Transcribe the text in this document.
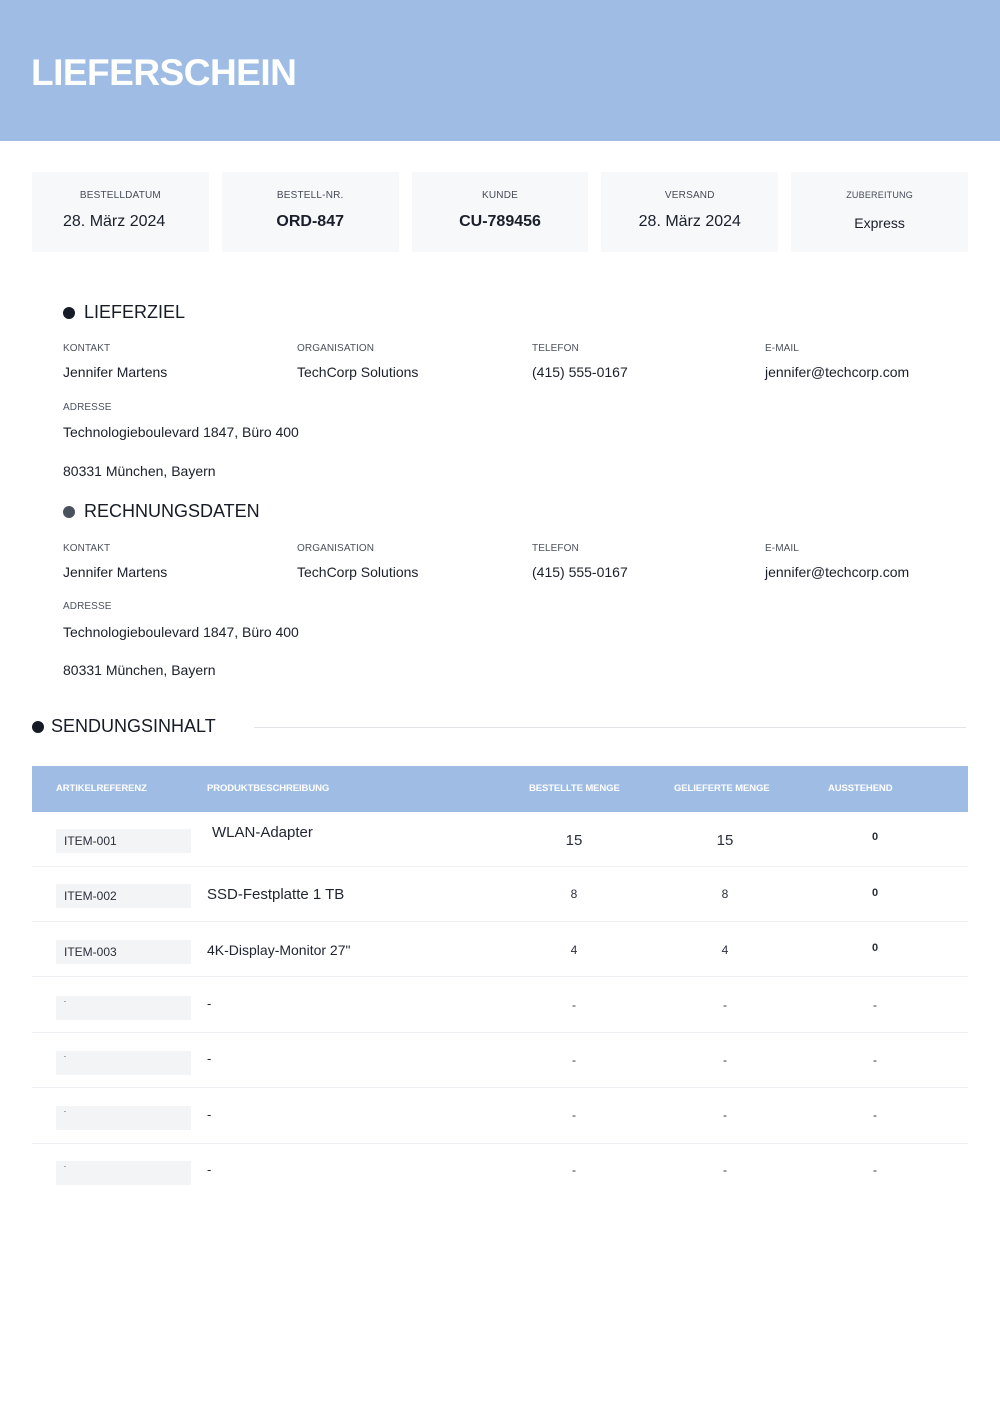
LIEFERSCHEIN
BESTELLDATUM
28. März 2024
BESTELL-NR.
ORD-847
KUNDE
CU-789456
VERSAND
28. März 2024
ZUBEREITUNG
Express
LIEFERZIEL
KONTAKT
Jennifer Martens
ORGANISATION
TechCorp Solutions
TELEFON
(415) 555-0167
E-MAIL
jennifer@techcorp.com
ADRESSE
Technologieboulevard 1847, Büro 400
80331 München, Bayern
RECHNUNGSDATEN
KONTAKT
Jennifer Martens
ORGANISATION
TechCorp Solutions
TELEFON
(415) 555-0167
E-MAIL
jennifer@techcorp.com
ADRESSE
Technologieboulevard 1847, Büro 400
80331 München, Bayern
SENDUNGSINHALT
ARTIKELREFERENZ	PRODUKTBESCHREIBUNG	BESTELLTE MENGE	GELIEFERTE MENGE	AUSSTEHEND
ITEM-001	WLAN-Adapter	15	15	0
ITEM-002	SSD-Festplatte 1 TB	8	8	0
ITEM-003	4K-Display-Monitor 27"	4	4	0
-	-	-	-	-
-	-	-	-	-
-	-	-	-	-
-	-	-	-	-
